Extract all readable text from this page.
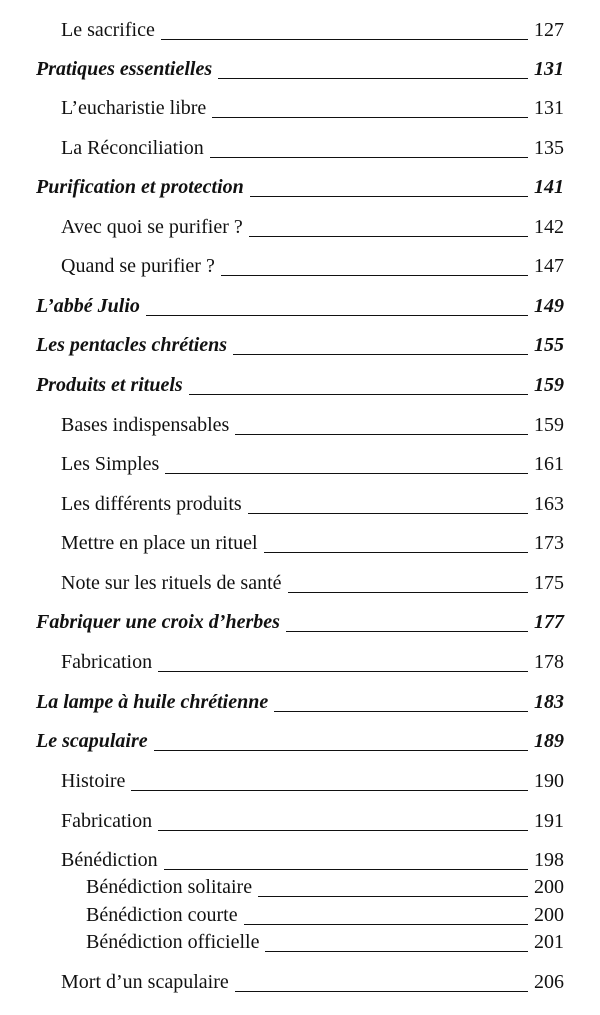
Le sacrifice	127
Pratiques essentielles	131
L’eucharistie libre	131
La Réconciliation	135
Purification et protection	141
Avec quoi se purifier ?	142
Quand se purifier ?	147
L’abbé Julio	149
Les pentacles chrétiens	155
Produits et rituels	159
Bases indispensables	159
Les Simples	161
Les différents produits	163
Mettre en place un rituel	173
Note sur les rituels de santé	175
Fabriquer une croix d’herbes	177
Fabrication	178
La lampe à huile chrétienne	183
Le scapulaire	189
Histoire	190
Fabrication	191
Bénédiction	198
Bénédiction solitaire	200
Bénédiction courte	200
Bénédiction officielle	201
Mort d’un scapulaire	206
